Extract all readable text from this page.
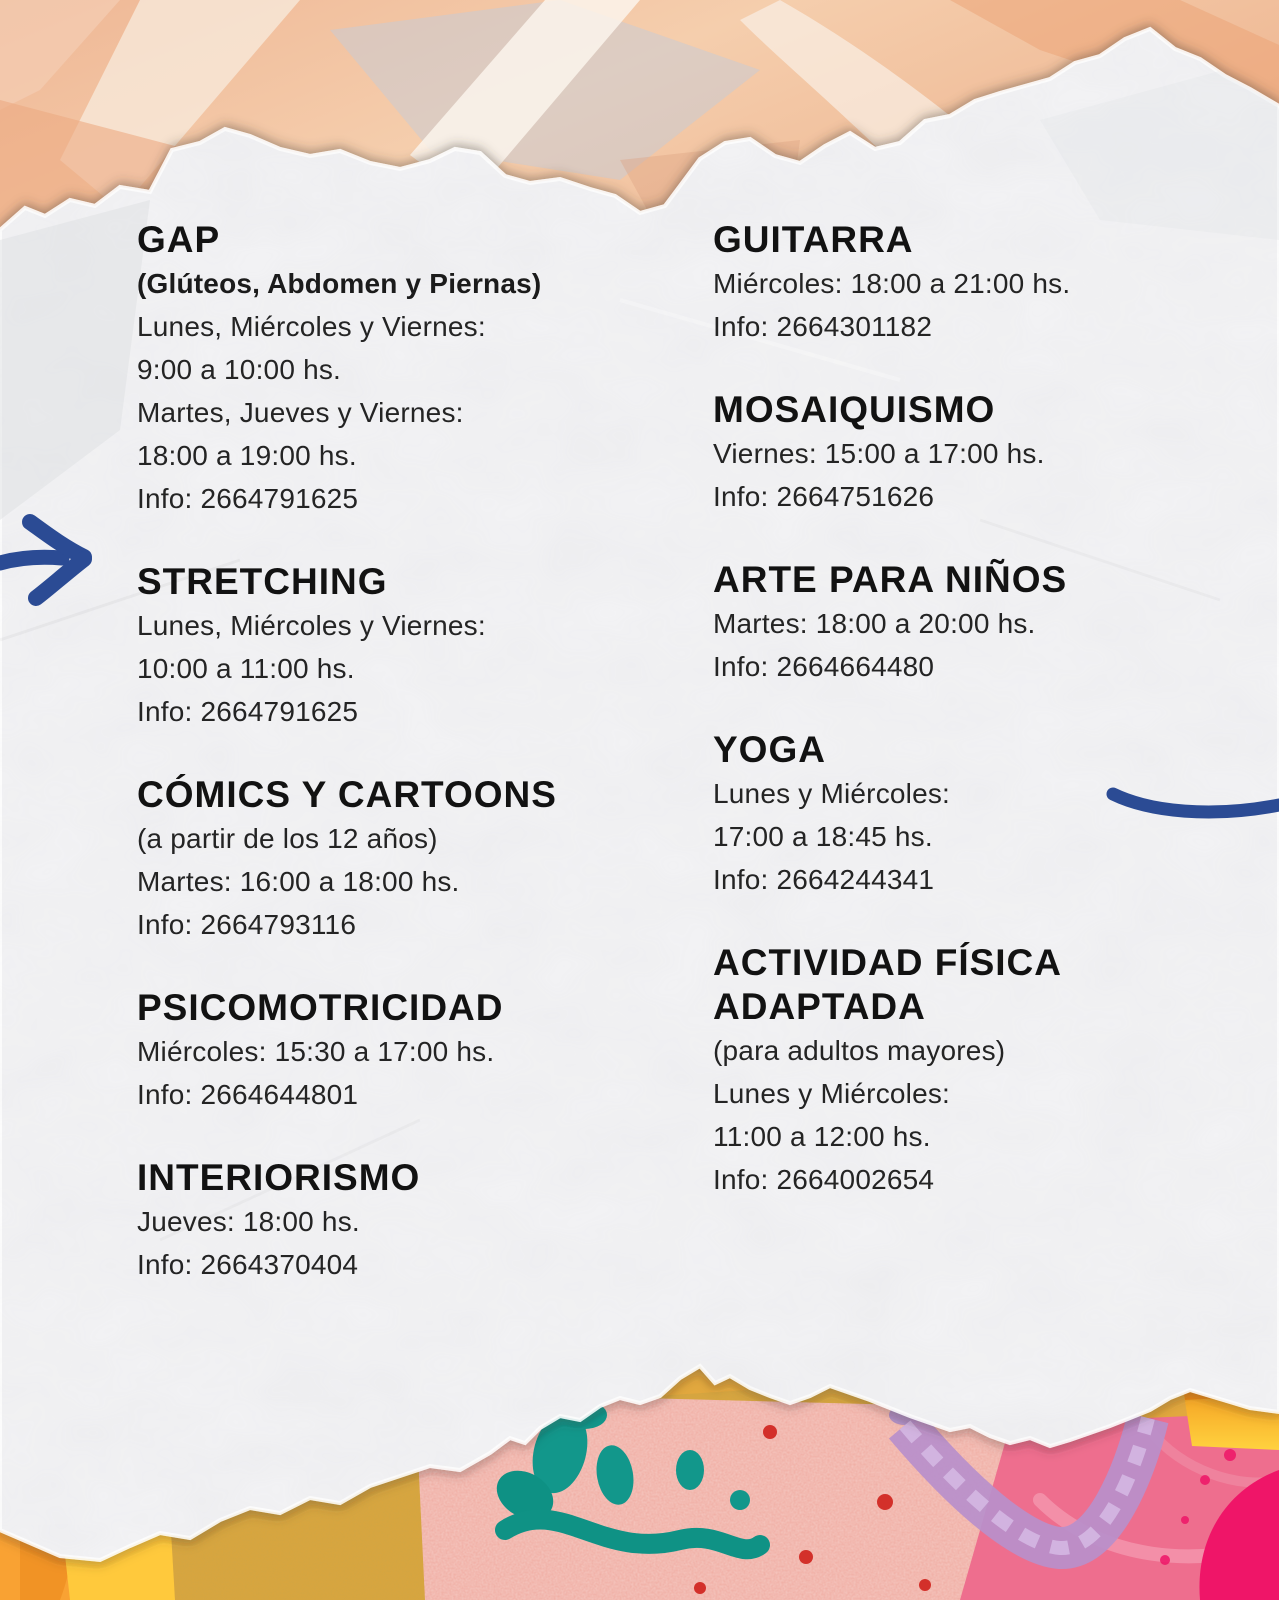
GAP
(Glúteos, Abdomen y Piernas)
Lunes, Miércoles y Viernes:
9:00 a 10:00 hs.
Martes, Jueves y Viernes:
18:00 a 19:00 hs.
Info: 2664791625
STRETCHING
Lunes, Miércoles y Viernes:
10:00 a 11:00 hs.
Info: 2664791625
CÓMICS Y CARTOONS
(a partir de los 12 años)
Martes: 16:00 a 18:00 hs.
Info: 2664793116
PSICOMOTRICIDAD
Miércoles: 15:30 a 17:00 hs.
Info: 2664644801
INTERIORISMO
Jueves: 18:00 hs.
Info: 2664370404
GUITARRA
Miércoles: 18:00 a 21:00 hs.
Info: 2664301182
MOSAIQUISMO
Viernes: 15:00 a 17:00 hs.
Info: 2664751626
ARTE PARA NIÑOS
Martes: 18:00 a 20:00 hs.
Info: 2664664480
YOGA
Lunes y Miércoles:
17:00 a 18:45 hs.
Info: 2664244341
ACTIVIDAD FÍSICA ADAPTADA
(para adultos mayores)
Lunes y Miércoles:
11:00 a 12:00 hs.
Info: 2664002654
